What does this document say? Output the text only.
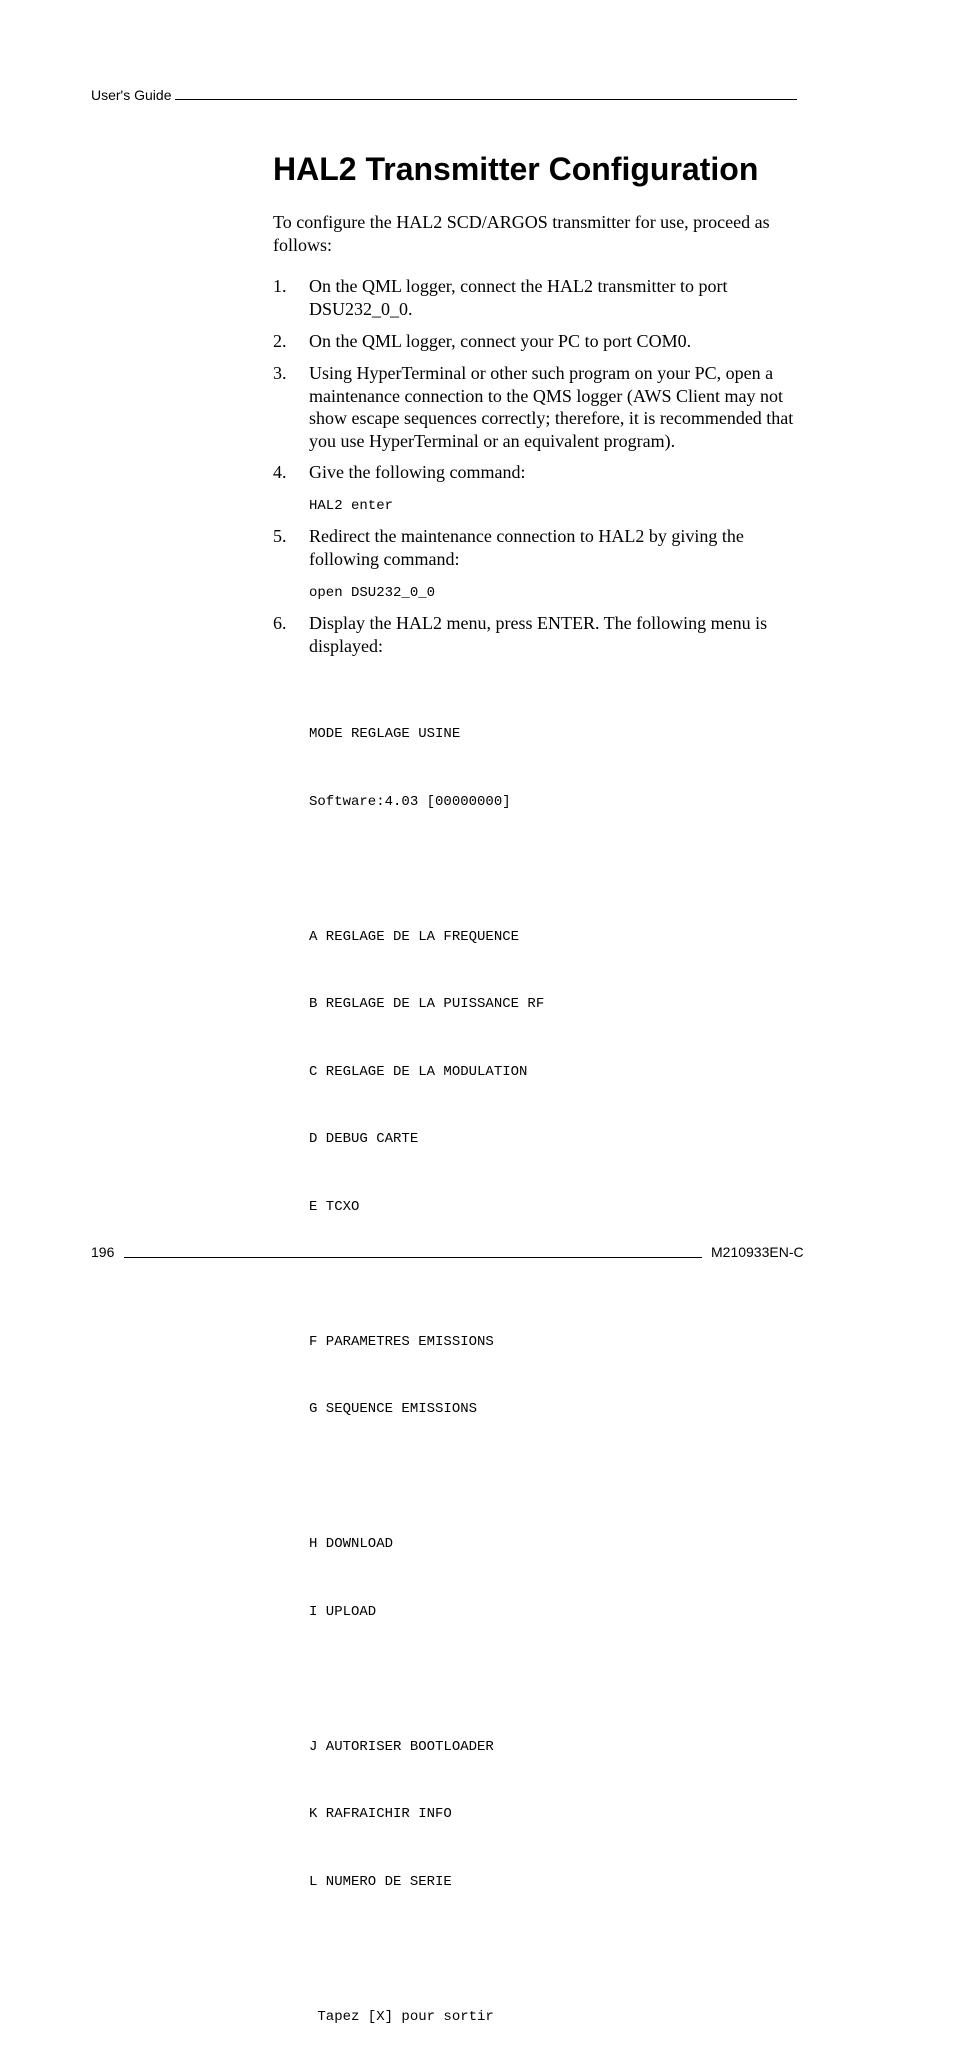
User's Guide
HAL2 Transmitter Configuration

To configure the HAL2 SCD/ARGOS transmitter for use, proceed as follows:

1. On the QML logger, connect the HAL2 transmitter to port DSU232_0_0.
2. On the QML logger, connect your PC to port COM0.
3. Using HyperTerminal or other such program on your PC, open a maintenance connection to the QMS logger (AWS Client may not show escape sequences correctly; therefore, it is recommended that you use HyperTerminal or an equivalent program).
4. Give the following command:
HAL2 enter
5. Redirect the maintenance connection to HAL2 by giving the following command:
open DSU232_0_0
6. Display the HAL2 menu, press ENTER. The following menu is displayed:

MODE REGLAGE USINE

Software:4.03 [00000000]

A REGLAGE DE LA FREQUENCE

B REGLAGE DE LA PUISSANCE RF

C REGLAGE DE LA MODULATION

D DEBUG CARTE

E TCXO

F PARAMETRES EMISSIONS

G SEQUENCE EMISSIONS

H DOWNLOAD

I UPLOAD

J AUTORISER BOOTLOADER

K RAFRAICHIR INFO

L NUMERO DE SERIE

Tapez [X] pour sortir

196	M210933EN-C
